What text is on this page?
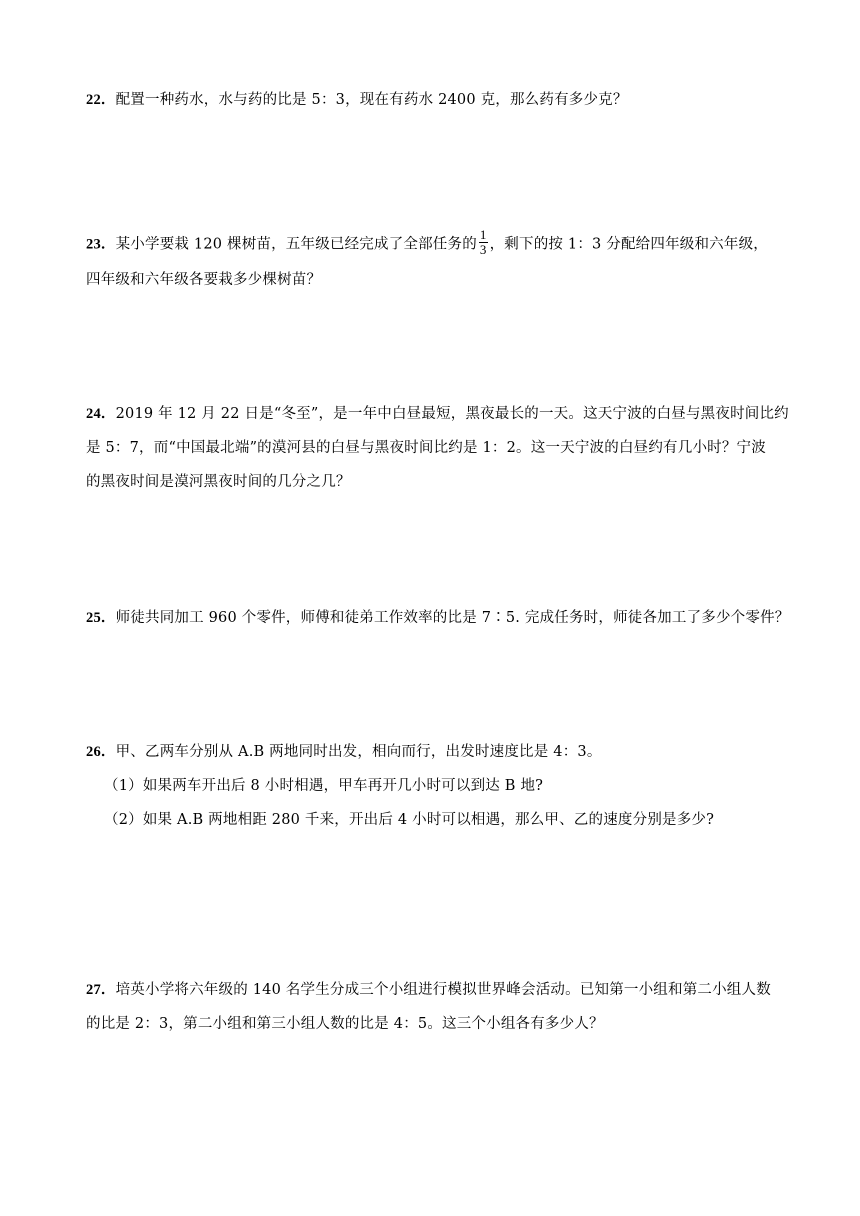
22．配置一种药水，水与药的比是 5：3，现在有药水 2400 克，那么药有多少克？
23．某小学要栽 120 棵树苗，五年级已经完成了全部任务的 $\frac{1}{3}$ ，剩下的按 1：3 分配给四年级和六年级，
四年级和六年级各要栽多少棵树苗？
24．2019 年 12 月 22 日是“冬至”，是一年中白昼最短，黑夜最长的一天。这天宁波的白昼与黑夜时间比约
是 5：7，而“中国最北端”的漠河县的白昼与黑夜时间比约是 1：2。这一天宁波的白昼约有几小时？宁波
的黑夜时间是漠河黑夜时间的几分之几？
25．师徒共同加工 960 个零件，师傅和徒弟工作效率的比是 7∶5. 完成任务时，师徒各加工了多少个零件？
26．甲、乙两车分别从 A.B 两地同时出发，相向而行，出发时速度比是 4：3。
（1）如果两车开出后 8 小时相遇，甲车再开几小时可以到达 B 地?
（2）如果 A.B 两地相距 280 千来，开出后 4 小时可以相遇，那么甲、乙的速度分别是多少?
27．培英小学将六年级的 140 名学生分成三个小组进行模拟世界峰会活动。已知第一小组和第二小组人数
的比是 2：3，第二小组和第三小组人数的比是 4：5。这三个小组各有多少人？
